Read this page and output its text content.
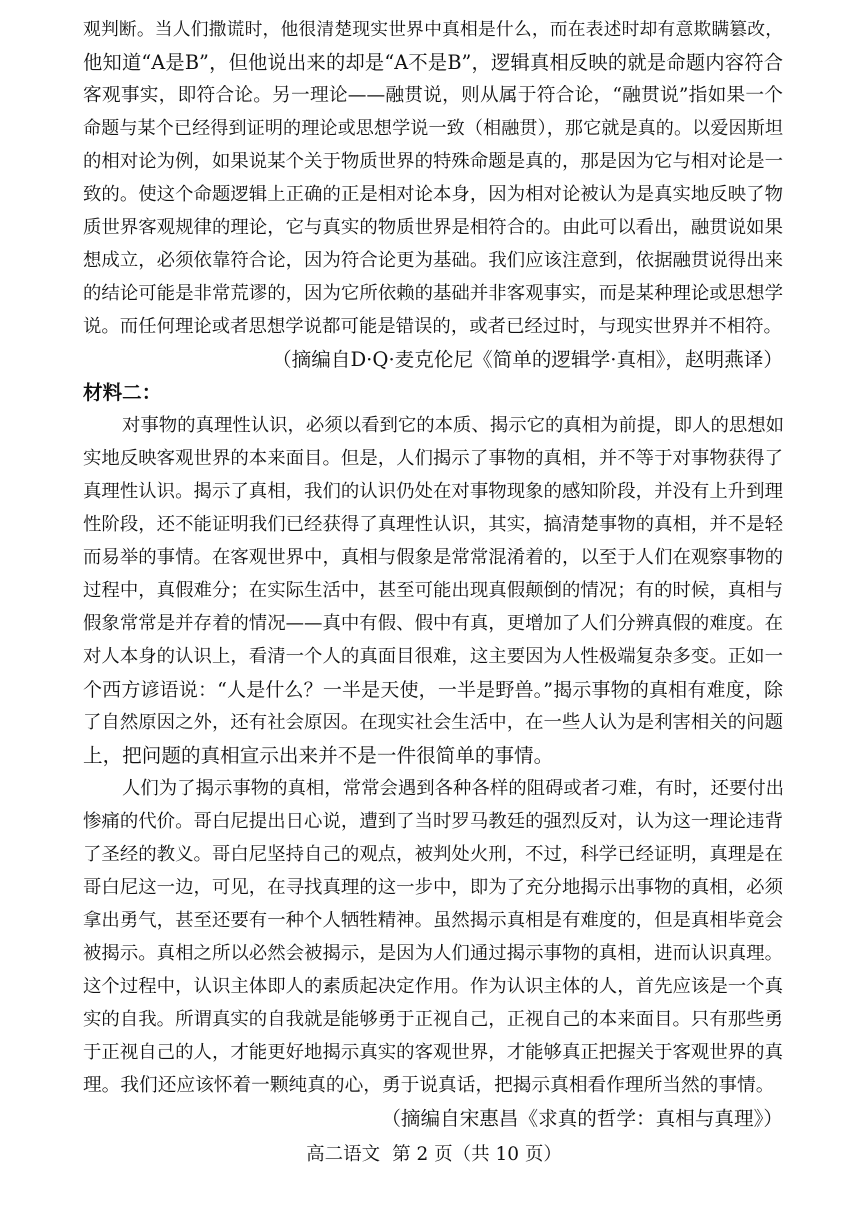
观判断。当人们撒谎时，他很清楚现实世界中真相是什么，而在表述时却有意欺瞒篡改，
他知道“A是B”，但他说出来的却是“A不是B”，逻辑真相反映的就是命题内容符合
客观事实，即符合论。另一理论——融贯说，则从属于符合论，“融贯说”指如果一个
命题与某个已经得到证明的理论或思想学说一致（相融贯），那它就是真的。以爱因斯坦
的相对论为例，如果说某个关于物质世界的特殊命题是真的，那是因为它与相对论是一
致的。使这个命题逻辑上正确的正是相对论本身，因为相对论被认为是真实地反映了物
质世界客观规律的理论，它与真实的物质世界是相符合的。由此可以看出，融贯说如果
想成立，必须依靠符合论，因为符合论更为基础。我们应该注意到，依据融贯说得出来
的结论可能是非常荒谬的，因为它所依赖的基础并非客观事实，而是某种理论或思想学
说。而任何理论或者思想学说都可能是错误的，或者已经过时，与现实世界并不相符。
（摘编自D·Q·麦克伦尼《简单的逻辑学·真相》，赵明燕译）
材料二：
对事物的真理性认识，必须以看到它的本质、揭示它的真相为前提，即人的思想如
实地反映客观世界的本来面目。但是，人们揭示了事物的真相，并不等于对事物获得了
真理性认识。揭示了真相，我们的认识仍处在对事物现象的感知阶段，并没有上升到理
性阶段，还不能证明我们已经获得了真理性认识，其实，搞清楚事物的真相，并不是轻
而易举的事情。在客观世界中，真相与假象是常常混淆着的，以至于人们在观察事物的
过程中，真假难分；在实际生活中，甚至可能出现真假颠倒的情况；有的时候，真相与
假象常常是并存着的情况——真中有假、假中有真，更增加了人们分辨真假的难度。在
对人本身的认识上，看清一个人的真面目很难，这主要因为人性极端复杂多变。正如一
个西方谚语说：“人是什么？一半是天使，一半是野兽。”揭示事物的真相有难度，除
了自然原因之外，还有社会原因。在现实社会生活中，在一些人认为是利害相关的问题
上，把问题的真相宣示出来并不是一件很简单的事情。
人们为了揭示事物的真相，常常会遇到各种各样的阻碍或者刁难，有时，还要付出
惨痛的代价。哥白尼提出日心说，遭到了当时罗马教廷的强烈反对，认为这一理论违背
了圣经的教义。哥白尼坚持自己的观点，被判处火刑，不过，科学已经证明，真理是在
哥白尼这一边，可见，在寻找真理的这一步中，即为了充分地揭示出事物的真相，必须
拿出勇气，甚至还要有一种个人牺牲精神。虽然揭示真相是有难度的，但是真相毕竟会
被揭示。真相之所以必然会被揭示，是因为人们通过揭示事物的真相，进而认识真理。
这个过程中，认识主体即人的素质起决定作用。作为认识主体的人，首先应该是一个真
实的自我。所谓真实的自我就是能够勇于正视自己，正视自己的本来面目。只有那些勇
于正视自己的人，才能更好地揭示真实的客观世界，才能够真正把握关于客观世界的真
理。我们还应该怀着一颗纯真的心，勇于说真话，把揭示真相看作理所当然的事情。
（摘编自宋惠昌《求真的哲学：真相与真理》）
高二语文 第 2 页（共 10 页）
